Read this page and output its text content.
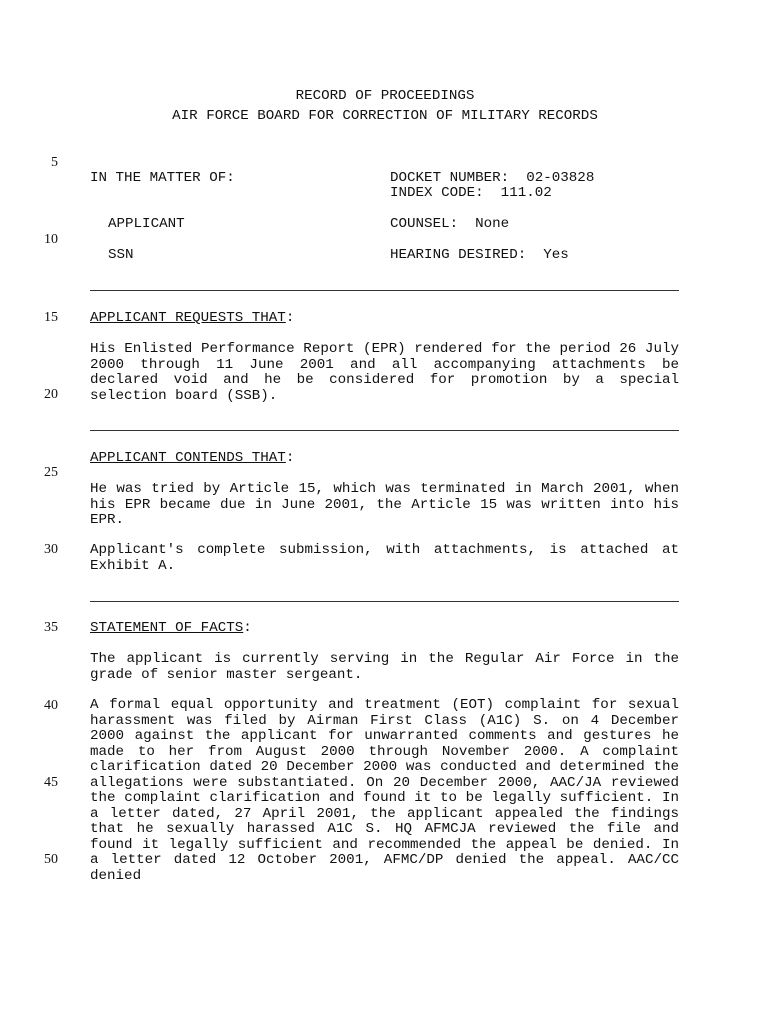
RECORD OF PROCEEDINGS
AIR FORCE BOARD FOR CORRECTION OF MILITARY RECORDS
5
10
15
20
25
30
35
40
45
50
IN THE MATTER OF:
APPLICANT
SSN
DOCKET NUMBER:  02-03828
INDEX CODE:  111.02
COUNSEL:  None
HEARING DESIRED:  Yes
APPLICANT REQUESTS THAT:
His Enlisted Performance Report (EPR) rendered for the period 26 July 2000 through 11 June 2001 and all accompanying attachments be declared void and he be considered for promotion by a special selection board (SSB).
APPLICANT CONTENDS THAT:
He was tried by Article 15, which was terminated in March 2001, when his EPR became due in June 2001, the Article 15 was written into his EPR.
Applicant's complete submission, with attachments, is attached at Exhibit A.
STATEMENT OF FACTS:
The applicant is currently serving in the Regular Air Force in the grade of senior master sergeant.
A formal equal opportunity and treatment (EOT) complaint for sexual harassment was filed by Airman First Class (A1C) S. on 4 December 2000 against the applicant for unwarranted comments and gestures he made to her from August 2000 through November 2000. A complaint clarification dated 20 December 2000 was conducted and determined the allegations were substantiated. On 20 December 2000, AAC/JA reviewed the complaint clarification and found it to be legally sufficient. In a letter dated, 27 April 2001, the applicant appealed the findings that he sexually harassed A1C S. HQ AFMCJA reviewed the file and found it legally sufficient and recommended the appeal be denied. In a letter dated 12 October 2001, AFMC/DP denied the appeal. AAC/CC denied
